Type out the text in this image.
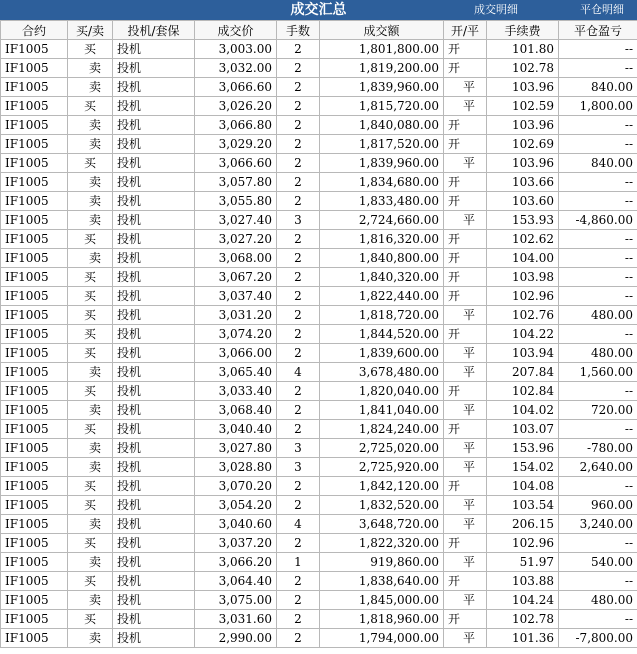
成交汇总	成交明细	平仓明细
合约	买/卖	投机/套保	成交价	手数	成交额	开/平	手续费	平仓盈亏
IF1005	买	投机	3,003.00	2	1,801,800.00	开	101.80	--
IF1005	卖	投机	3,032.00	2	1,819,200.00	开	102.78	--
IF1005	卖	投机	3,066.60	2	1,839,960.00	平	103.96	840.00
IF1005	买	投机	3,026.20	2	1,815,720.00	平	102.59	1,800.00
IF1005	卖	投机	3,066.80	2	1,840,080.00	开	103.96	--
IF1005	卖	投机	3,029.20	2	1,817,520.00	开	102.69	--
IF1005	买	投机	3,066.60	2	1,839,960.00	平	103.96	840.00
IF1005	卖	投机	3,057.80	2	1,834,680.00	开	103.66	--
IF1005	卖	投机	3,055.80	2	1,833,480.00	开	103.60	--
IF1005	卖	投机	3,027.40	3	2,724,660.00	平	153.93	-4,860.00
IF1005	买	投机	3,027.20	2	1,816,320.00	开	102.62	--
IF1005	卖	投机	3,068.00	2	1,840,800.00	开	104.00	--
IF1005	买	投机	3,067.20	2	1,840,320.00	开	103.98	--
IF1005	买	投机	3,037.40	2	1,822,440.00	开	102.96	--
IF1005	买	投机	3,031.20	2	1,818,720.00	平	102.76	480.00
IF1005	买	投机	3,074.20	2	1,844,520.00	开	104.22	--
IF1005	买	投机	3,066.00	2	1,839,600.00	平	103.94	480.00
IF1005	卖	投机	3,065.40	4	3,678,480.00	平	207.84	1,560.00
IF1005	买	投机	3,033.40	2	1,820,040.00	开	102.84	--
IF1005	卖	投机	3,068.40	2	1,841,040.00	平	104.02	720.00
IF1005	买	投机	3,040.40	2	1,824,240.00	开	103.07	--
IF1005	卖	投机	3,027.80	3	2,725,020.00	平	153.96	-780.00
IF1005	卖	投机	3,028.80	3	2,725,920.00	平	154.02	2,640.00
IF1005	买	投机	3,070.20	2	1,842,120.00	开	104.08	--
IF1005	买	投机	3,054.20	2	1,832,520.00	平	103.54	960.00
IF1005	卖	投机	3,040.60	4	3,648,720.00	平	206.15	3,240.00
IF1005	买	投机	3,037.20	2	1,822,320.00	开	102.96	--
IF1005	卖	投机	3,066.20	1	919,860.00	平	51.97	540.00
IF1005	买	投机	3,064.40	2	1,838,640.00	开	103.88	--
IF1005	卖	投机	3,075.00	2	1,845,000.00	平	104.24	480.00
IF1005	买	投机	3,031.60	2	1,818,960.00	开	102.78	--
IF1005	卖	投机	2,990.00	2	1,794,000.00	平	101.36	-7,800.00
